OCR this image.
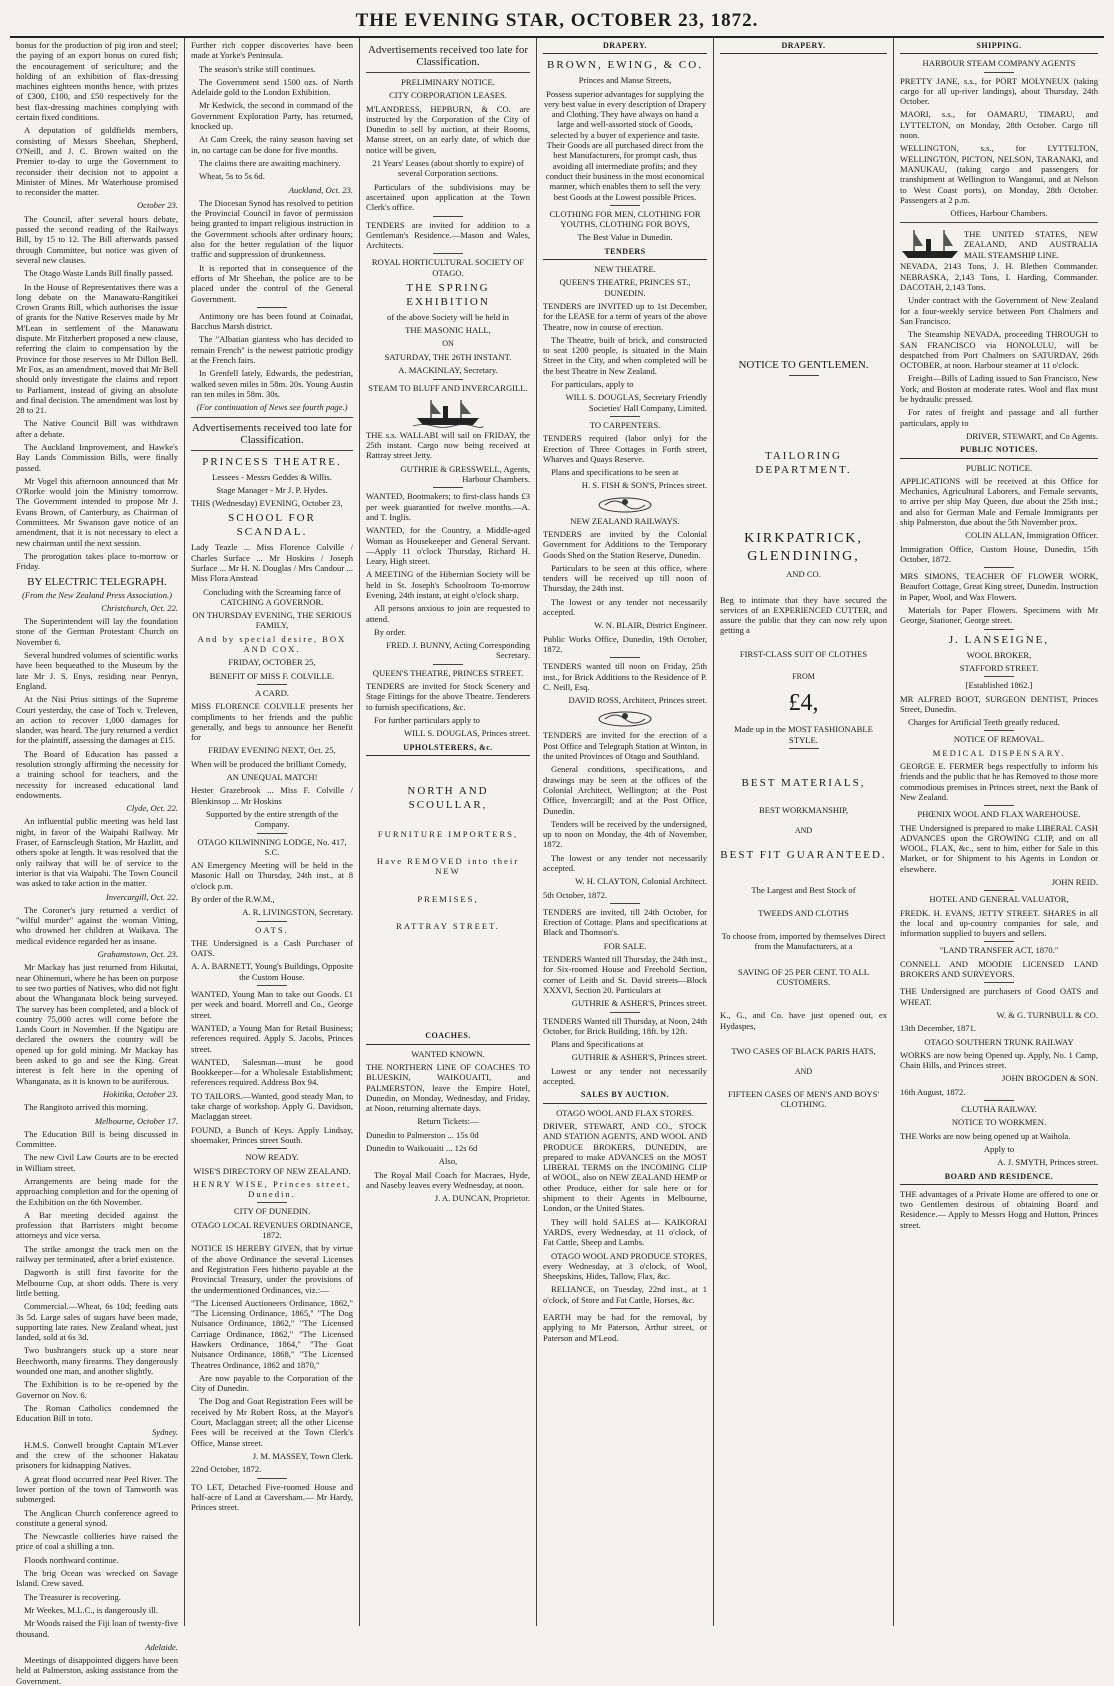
THE EVENING STAR, OCTOBER 23, 1872.

bonus for the production of pig iron and steel; the paying of an export bonus on cured fish; the encouragement of sericulture; and the holding of an exhibition of flax-dressing machines eighteen months hence, with prizes of £300, £100, and £50 respectively for the best flax-dressing machines complying with certain fixed conditions.

A deputation of goldfields members, consisting of Messrs Sheehan, Shepherd, O'Neill, and J. C. Brown waited on the Premier to-day to urge the Government to reconsider their decision not to appoint a Minister of Mines. Mr Waterhouse promised to reconsider the matter.

October 23.

The Council, after several hours debate, passed the second reading of the Railways Bill, by 15 to 12. The Bill afterwards passed through Committee, but notice was given of several new clauses.

The Otago Waste Lands Bill finally passed.

In the House of Representatives there was a long debate on the Manawatu-Rangitikei Crown Grants Bill, which authorises the issue of grants for the Native Reserves made by Mr M'Lean in settlement of the Manawatu dispute. Mr Fitzherbert proposed a new clause, referring the claim to compensation by the Province for those reserves to Mr Dillon Bell. Mr Fox, as an amendment, moved that Mr Bell should only investigate the claims and report to Parliament, instead of giving an absolute and final decision. The amendment was lost by 28 to 21.

The Native Council Bill was withdrawn after a debate.

The Auckland Improvement, and Hawke's Bay Lands Commission Bills, were finally passed.

Mr Vogel this afternoon announced that Mr O'Rorke would join the Ministry tomorrow. The Government intended to propose Mr J. Evans Brown, of Canterbury, as Chairman of Committees. Mr Swanson gave notice of an amendment, that it is not necessary to elect a new chairman until the next session.

The prorogation takes place to-morrow or Friday.

BY ELECTRIC TELEGRAPH.

(From the New Zealand Press Association.)

Christchurch, Oct. 22.

The Superintendent will lay the foundation stone of the German Protestant Church on November 6.

Several hundred volumes of scientific works have been bequeathed to the Museum by the late Mr J. S. Enys, residing near Penryn, England.

At the Nisi Prius sittings of the Supreme Court yesterday, the case of Toch v. Treleven, an action to recover 1,000 damages for slander, was heard. The jury returned a verdict for the plaintiff, assessing the damages at £15.

The Board of Education has passed a resolution strongly affirming the necessity for a training school for teachers, and the necessity for increased educational land endowments.

Clyde, Oct. 22.

An influential public meeting was held last night, in favor of the Waipahi Railway. Mr Fraser, of Earnscleugh Station, Mr Hazlitt, and others spoke at length. It was resolved that the only railway that will be of service to the interior is that via Waipahi. The Town Council was asked to take action in the matter.

Invercargill, Oct. 22.

The Coroner's jury returned a verdict of "wilful murder" against the woman Vitting, who drowned her children at Waikava. The medical evidence regarded her as insane.

Grahamstown, Oct. 23.

Mr Mackay has just returned from Hikutai, near Ohinemuri, where he has been on purpose to see two parties of Natives, who did not fight about the Whanganata block being surveyed. The survey has been completed, and a block of country 75,000 acres will come before the Lands Court in November. If the Ngatipu are declared the owners the country will be opened up for gold mining. Mr Mackay has been asked to go and see the King. Great interest is felt here in the opening of Whanganata, as it is known to be auriferous.

Hokitika, October 23.

The Rangitoto arrived this morning.

Melbourne, October 17.

The Education Bill is being discussed in Committee.

The new Civil Law Courts are to be erected in William street.

Arrangements are being made for the approaching completion and for the opening of the Exhibition on the 6th November.

A Bar meeting decided against the profession that Barristers might become attorneys and vice versa.

The strike amongst the track men on the railway per terminated, after a brief existence.

Dagworth is still first favorite for the Melbourne Cup, at short odds. There is very little betting.

Commercial.—Wheat, 6s 10d; feeding oats 3s 5d. Large sales of sugars have been made, supporting late rates. New Zealand wheat, just landed, sold at 6s 3d.

Two bushrangers stuck up a store near Beechworth, many firearms. They dangerously wounded one man, and another slightly.

The Exhibition is to be re-opened by the Governor on Nov. 6.

The Roman Catholics condemned the Education Bill in toto.

Sydney.

H.M.S. Conwell brought Captain M'Lever and the crew of the schooner Hakatau prisoners for kidnapping Natives.

A great flood occurred near Peel River. The lower portion of the town of Tamworth was submerged.

The Anglican Church conference agreed to constitute a general synod.

The Newcastle collieries have raised the price of coal a shilling a ton.

Floods northward continue.

The brig Ocean was wrecked on Savage Island. Crew saved.

The Treasurer is recovering.

Mr Weekes, M.L.C., is dangerously ill.

Mr Woods raised the Fiji loan of twenty-five thousand.

Adelaide.

Meetings of disappointed diggers have been held at Palmerston, asking assistance from the Government.

Further rich copper discoveries have been made at Yorke's Peninsula.

The season's strike still continues.

The Government send 1500 ozs. of North Adelaide gold to the London Exhibition.

Mr Kedwick, the second in command of the Government Exploration Party, has returned, knocked up.

At Cam Creek, the rainy season having set in, no cartage can be done for five months.

The claims there are awaiting machinery.

Wheat, 5s to 5s 6d.

Auckland, Oct. 23.

The Diocesan Synod has resolved to petition the Provincial Council in favor of permission being granted to impart religious instruction in the Government schools after ordinary hours; also for the better regulation of the liquor traffic and suppression of drunkenness.

It is reported that in consequence of the efforts of Mr Sheehan, the police are to be placed under the control of the General Government.

Antimony ore has been found at Coinadai, Bacchus Marsh district.

The "Albatian giantess who has decided to remain French" is the newest patriotic prodigy at the French fairs.

In Grenfell lately, Edwards, the pedestrian, walked seven miles in 58m. 20s. Young Austin ran ten miles in 58m. 30s.

(For continuation of News see fourth page.)

Advertisements received too late for Classification.

PRINCESS THEATRE.

Lessees - Messrs Geddes & Willis.

Stage Manager - Mr J. P. Hydes.

THIS (Wednesday) EVENING, October 23,

SCHOOL FOR SCANDAL.

Lady Teazle ... Miss Florence Colville / Charles Surface ... Mr Hoskins / Joseph Surface ... Mr H. N. Douglas / Mrs Candour ... Miss Flora Anstead

Concluding with the Screaming farce of CATCHING A GOVERNOR.

ON THURSDAY EVENING, THE SERIOUS FAMILY,

And by special desire, BOX AND COX.

FRIDAY, OCTOBER 25,

BENEFIT OF MISS F. COLVILLE.

A CARD.

MISS FLORENCE COLVILLE presents her compliments to her friends and the public generally, and begs to announce her Benefit for

FRIDAY EVENING NEXT, Oct. 25,

When will be produced the brilliant Comedy,

AN UNEQUAL MATCH!

Hester Grazebrook ... Miss F. Colville / Blenkinsop ... Mr Hoskins

Supported by the entire strength of the Company.

OTAGO KILWINNING LODGE, No. 417, S.C.

AN Emergency Meeting will be held in the Masonic Hall on Thursday, 24th inst., at 8 o'clock p.m.

By order of the R.W.M.,

A. R. LIVINGSTON, Secretary.

OATS.

THE Undersigned is a Cash Purchaser of OATS.

A. A. BARNETT, Young's Buildings, Opposite the Custom House.

WANTED, Young Man to take out Goods. £1 per week and board. Morrell and Co., George street.

WANTED, a Young Man for Retail Business; references required. Apply S. Jacobs, Princes street.

WANTED, Salesman—must be good Bookkeeper—for a Wholesale Establishment; references required. Address Box 94.

TO TAILORS.—Wanted, good steady Man, to take charge of workshop. Apply G. Davidson, Maclaggan street.

FOUND, a Bunch of Keys. Apply Lindsay, shoemaker, Princes street South.

NOW READY.

WISE'S DIRECTORY OF NEW ZEALAND.

HENRY WISE, Princes street, Dunedin.

CITY OF DUNEDIN.

OTAGO LOCAL REVENUES ORDINANCE, 1872.

NOTICE IS HEREBY GIVEN, that by virtue of the above Ordinance the several Licenses and Registration Fees hitherto payable at the Provincial Treasury, under the provisions of the undermentioned Ordinances, viz.:—

"The Licensed Auctioneers Ordinance, 1862," "The Licensing Ordinance, 1865," "The Dog Nuisance Ordinance, 1862," "The Licensed Carriage Ordinance, 1862," "The Licensed Hawkers Ordinance, 1864," "The Goat Nuisance Ordinance, 1868," "The Licensed Theatres Ordinance, 1862 and 1870,"

Are now payable to the Corporation of the City of Dunedin.

The Dog and Goat Registration Fees will be received by Mr Robert Ross, at the Mayor's Court, Maclaggan street; all the other License Fees will be received at the Town Clerk's Office, Manse street.

J. M. MASSEY, Town Clerk.

22nd October, 1872.

TO LET, Detached Five-roomed House and half-acre of Land at Caversham.— Mr Hardy, Princes street.

Advertisements received too late for Classification.

PRELIMINARY NOTICE.

CITY CORPORATION LEASES.

M'LANDRESS, HEPBURN, & CO. are instructed by the Corporation of the City of Dunedin to sell by auction, at their Rooms, Manse street, on an early date, of which due notice will be given,

21 Years' Leases (about shortly to expire) of several Corporation sections.

Particulars of the subdivisions may be ascertained upon application at the Town Clerk's office.

TENDERS are invited for addition to a Gentleman's Residence.—Mason and Wales, Architects.

ROYAL HORTICULTURAL SOCIETY OF OTAGO.

THE SPRING EXHIBITION

of the above Society will be held in

THE MASONIC HALL,

ON

SATURDAY, THE 26TH INSTANT.

A. MACKINLAY, Secretary.

STEAM TO BLUFF AND INVERCARGILL.

THE s.s. WALLABI will sail on FRIDAY, the 25th instant. Cargo now being received at Rattray street Jetty.

GUTHRIE & GRESSWELL, Agents, Harbour Chambers.

WANTED, Bootmakers; to first-class hands £3 per week guarantied for twelve months.—A. and T. Inglis.

WANTED, for the Country, a Middle-aged Woman as Housekeeper and General Servant.—Apply 11 o'clock Thursday, Richard H. Leary, High street.

A MEETING of the Hibernian Society will be held in St. Joseph's Schoolroom To-morrow Evening, 24th instant, at eight o'clock sharp.

All persons anxious to join are requested to attend.

By order.

FRED. J. BUNNY, Acting Corresponding Secretary.

QUEEN'S THEATRE, PRINCES STREET.

TENDERS are invited for Stock Scenery and Stage Fittings for the above Theatre. Tenderers to furnish specifications, &c.

For further particulars apply to

WILL S. DOUGLAS, Princes street.

UPHOLSTERERS, &c.

NORTH AND SCOULLAR,

FURNITURE IMPORTERS,

Have REMOVED into their NEW

PREMISES,

RATTRAY STREET.

COACHES.

WANTED KNOWN.

THE NORTHERN LINE OF COACHES TO BLUESKIN, WAIKOUAITI, and PALMERSTON, leave the Empire Hotel, Dunedin, on Monday, Wednesday, and Friday, at Noon, returning alternate days.

Return Tickets:—

Dunedin to Palmerston ... 15s 0d

Dunedin to Waikouaiti ... 12s 6d

Also,

The Royal Mail Coach for Macraes, Hyde, and Naseby leaves every Wednesday, at noon.

J. A. DUNCAN, Proprietor.

DRAPERY.

BROWN, EWING, & CO.

Princes and Manse Streets,

Possess superior advantages for supplying the very best value in every description of Drapery and Clothing. They have always on hand a large and well-assorted stock of Goods, selected by a buyer of experience and taste. Their Goods are all purchased direct from the best Manufacturers, for prompt cash, thus avoiding all intermediate profits; and they conduct their business in the most economical manner, which enables them to sell the very best Goods at the Lowest possible Prices.

CLOTHING FOR MEN, CLOTHING FOR YOUTHS, CLOTHING FOR BOYS,

The Best Value in Dunedin.

TENDERS

NEW THEATRE.

QUEEN'S THEATRE, PRINCES ST., DUNEDIN.

TENDERS are INVITED up to 1st December, for the LEASE for a term of years of the above Theatre, now in course of erection.

The Theatre, built of brick, and constructed to seat 1200 people, is situated in the Main Street in the City, and when completed will be the best Theatre in New Zealand.

For particulars, apply to

WILL S. DOUGLAS, Secretary Friendly Societies' Hall Company, Limited.

TO CARPENTERS.

TENDERS required (labor only) for the Erection of Three Cottages in Forth street, Wharves and Quays Reserve.

Plans and specifications to be seen at

H. S. FISH & SON'S, Princes street.

NEW ZEALAND RAILWAYS.

TENDERS are invited by the Colonial Government for Additions to the Temporary Goods Shed on the Station Reserve, Dunedin.

Particulars to be seen at this office, where tenders will be received up till noon of Thursday, the 24th inst.

The lowest or any tender not necessarily accepted.

W. N. BLAIR, District Engineer.

Public Works Office, Dunedin, 19th October, 1872.

TENDERS wanted till noon on Friday, 25th inst., for Brick Additions to the Residence of P. C. Neill, Esq.

DAVID ROSS, Architect, Princes street.

TENDERS are invited for the erection of a Post Office and Telegraph Station at Winton, in the united Provinces of Otago and Southland.

General conditions, specifications, and drawings may be seen at the offices of the Colonial Architect, Wellington; at the Post Office, Invercargill; and at the Post Office, Dunedin.

Tenders will be received by the undersigned, up to noon on Monday, the 4th of November, 1872.

The lowest or any tender not necessarily accepted.

W. H. CLAYTON, Colonial Architect.

5th October, 1872.

TENDERS are invited, till 24th October, for Erection of Cottage. Plans and specifications at Black and Thomson's.

FOR SALE.

TENDERS Wanted till Thursday, the 24th inst., for Six-roomed House and Freehold Section, corner of Leith and St. David streets—Block XXXVI, Section 20. Particulars at

GUTHRIE & ASHER'S, Princes street.

TENDERS Wanted till Thursday, at Noon, 24th October, for Brick Building, 18ft. by 12ft.

Plans and Specifications at

GUTHRIE & ASHER'S, Princes street.

Lowest or any tender not necessarily accepted.

SALES BY AUCTION.

OTAGO WOOL AND FLAX STORES.

DRIVER, STEWART, AND CO., STOCK AND STATION AGENTS, AND WOOL AND PRODUCE BROKERS, DUNEDIN, are prepared to make ADVANCES on the MOST LIBERAL TERMS on the INCOMING CLIP of WOOL, also on NEW ZEALAND HEMP or other Produce, either for sale here or for shipment to their Agents in Melbourne, London, or the United States.

They will hold SALES at— KAIKORAI YARDS, every Wednesday, at 11 o'clock, of Fat Cattle, Sheep and Lambs.

OTAGO WOOL AND PRODUCE STORES, every Wednesday, at 3 o'clock, of Wool, Sheepskins, Hides, Tallow, Flax, &c.

RELIANCE, on Tuesday, 22nd inst., at 1 o'clock, of Store and Fat Cattle, Horses, &c.

EARTH may be had for the removal, by applying to Mr Paterson, Arthur street, or Paterson and M'Leod.

DRAPERY.

NOTICE TO GENTLEMEN.

TAILORING DEPARTMENT.

KIRKPATRICK, GLENDINING,

AND CO.

Beg to intimate that they have secured the services of an EXPERIENCED CUTTER, and assure the public that they can now rely upon getting a

FIRST-CLASS SUIT OF CLOTHES

FROM

£4,

Made up in the MOST FASHIONABLE STYLE.

BEST MATERIALS,

BEST WORKMANSHIP,

AND

BEST FIT GUARANTEED.

The Largest and Best Stock of

TWEEDS AND CLOTHS

To choose from, imported by themselves Direct from the Manufacturers, at a

SAVING OF 25 PER CENT. TO ALL CUSTOMERS.

K., G., and Co. have just opened out, ex Hydaspes,

TWO CASES OF BLACK PARIS HATS,

AND

FIFTEEN CASES OF MEN'S AND BOYS' CLOTHING.

SHIPPING.

HARBOUR STEAM COMPANY AGENTS

PRETTY JANE, s.s., for PORT MOLYNEUX (taking cargo for all up-river landings), about Thursday, 24th October.

MAORI, s.s., for OAMARU, TIMARU, and LYTTELTON, on Monday, 28th October. Cargo till noon.

WELLINGTON, s.s., for LYTTELTON, WELLINGTON, PICTON, NELSON, TARANAKI, and MANUKAU, (taking cargo and passengers for transhipment at Wellington to Wanganui, and at Nelson to West Coast ports), on Monday, 28th October. Passengers at 2 p.m.

Offices, Harbour Chambers.

THE UNITED STATES, NEW ZEALAND, AND AUSTRALIA MAIL STEAMSHIP LINE.

NEVADA, 2143 Tons, J. H. Blethen Commander. NEBRASKA, 2,143 Tons, I. Harding, Commander. DACOTAH, 2,143 Tons.

Under contract with the Government of New Zealand for a four-weekly service between Port Chalmers and San Francisco.

The Steamship NEVADA, proceeding THROUGH to SAN FRANCISCO via HONOLULU, will be despatched from Port Chalmers on SATURDAY, 26th OCTOBER, at noon. Harbour steamer at 11 o'clock.

Freight—Bills of Lading issued to San Francisco, New York, and Boston at moderate rates. Wool and flax must be hydraulic pressed.

For rates of freight and passage and all further particulars, apply to

DRIVER, STEWART, and Co Agents.

PUBLIC NOTICES.

PUBLIC NOTICE.

APPLICATIONS will be received at this Office for Mechanics, Agricultural Laborers, and Female servants, to arrive per ship May Queen, due about the 25th inst.; and also for German Male and Female Immigrants per ship Palmerston, due about the 5th November prox.

COLIN ALLAN, Immigration Officer.

Immigration Office, Custom House, Dunedin, 15th October, 1872.

MRS SIMONS, TEACHER OF FLOWER WORK, Beaufort Cottage, Great King street, Dunedin. Instruction in Paper, Wool, and Wax Flowers.

Materials for Paper Flowers. Specimens with Mr George, Stationer, George street.

J. LANSEIGNE,

WOOL BROKER,

STAFFORD STREET.

[Established 1862.]

MR ALFRED BOOT, SURGEON DENTIST, Princes Street, Dunedin.

Charges for Artificial Teeth greatly reduced.

NOTICE OF REMOVAL.

MEDICAL DISPENSARY.

GEORGE E. FERMER begs respectfully to inform his friends and the public that he has Removed to those more commodious premises in Princes street, next the Bank of New Zealand.

PHŒNIX WOOL AND FLAX WAREHOUSE.

THE Undersigned is prepared to make LIBERAL CASH ADVANCES upon the GROWING CLIP, and on all WOOL, FLAX, &c., sent to him, either for Sale in this Market, or for Shipment to his Agents in London or elsewhere.

JOHN REID.

HOTEL AND GENERAL VALUATOR,

FREDK. H. EVANS, JETTY STREET. SHARES in all the local and up-country companies for sale, and information supplied to buyers and sellers.

"LAND TRANSFER ACT, 1870."

CONNELL AND MOODIE LICENSED LAND BROKERS AND SURVEYORS.

THE Undersigned are purchasers of Good OATS and WHEAT.

W. & G. TURNBULL & CO.

13th December, 1871.

OTAGO SOUTHERN TRUNK RAILWAY

WORKS are now being Opened up. Apply, No. 1 Camp, Chain Hills, and Princes street.

JOHN BROGDEN & SON.

16th August, 1872.

CLUTHA RAILWAY.

NOTICE TO WORKMEN.

THE Works are now being opened up at Waihola.

Apply to

A. J. SMYTH, Princes street.

BOARD AND RESIDENCE.

THE advantages of a Private Home are offered to one or two Gentlemen desirous of obtaining Board and Residence.— Apply to Messrs Hogg and Hutton, Princes street.
